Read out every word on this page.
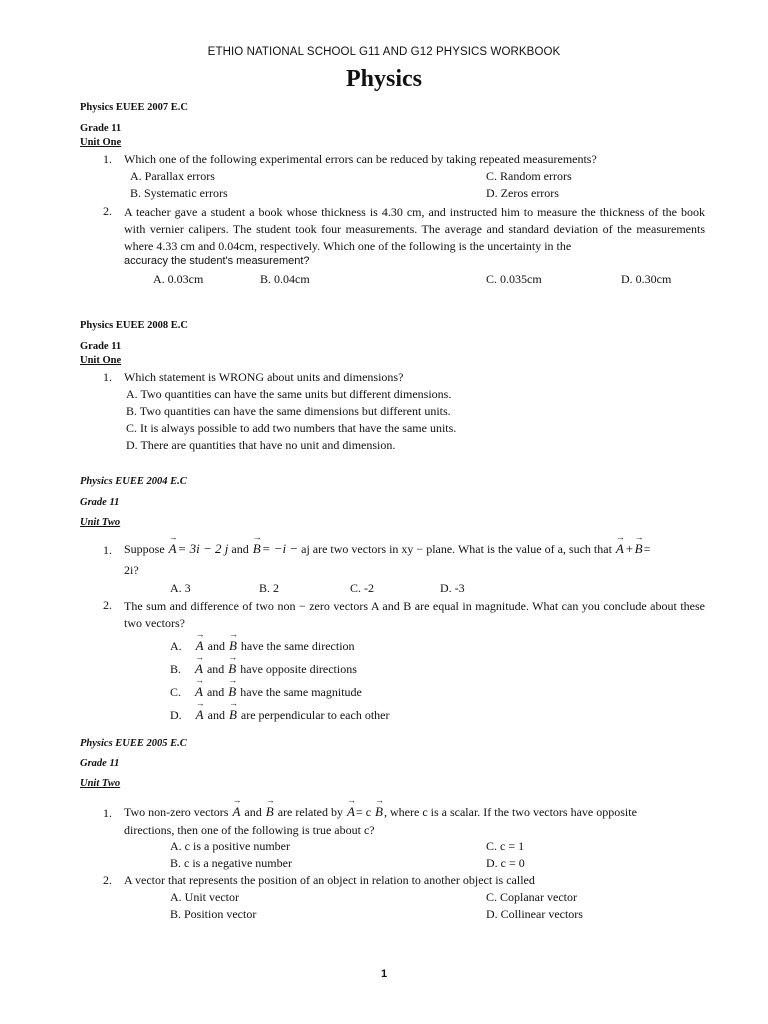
ETHIO NATIONAL SCHOOL G11 AND G12 PHYSICS WORKBOOK
Physics
Physics EUEE 2007 E.C
Grade 11
Unit One
1. Which one of the following experimental errors can be reduced by taking repeated measurements?
A. Parallax errors	C. Random errors
B. Systematic errors	D. Zeros errors
2. A teacher gave a student a book whose thickness is 4.30 cm, and instructed him to measure the thickness of the book with vernier calipers. The student took four measurements. The average and standard deviation of the measurements where 4.33 cm and 0.04cm, respectively. Which one of the following is the uncertainty in the
accuracy the student's measurement?
A. 0.03cm	B. 0.04cm	C. 0.035cm	D. 0.30cm
Physics EUEE 2008 E.C
Grade 11
Unit One
1. Which statement is WRONG about units and dimensions?
A. Two quantities can have the same units but different dimensions.
B. Two quantities can have the same dimensions but different units.
C. It is always possible to add two numbers that have the same units.
D. There are quantities that have no unit and dimension.
Physics EUEE 2004 E.C
Grade 11
Unit Two
1. Suppose → A= 3i − 2 j and → B= −i − aj are two vectors in xy − plane. What is the value of a, such that → A+→ B=
2i?
A. 3	B. 2	C. -2	D. -3
2. The sum and difference of two non − zero vectors A and B are equal in magnitude. What can you conclude about these two vectors?
A. → A and → B have the same direction
B. → A and → B have opposite directions
C. → A and → B have the same magnitude
D. → A and → B are perpendicular to each other
Physics EUEE 2005 E.C
Grade 11
Unit Two
1. Two non-zero vectors → A and → B are related by → A= c → B, where c is a scalar. If the two vectors have opposite
directions, then one of the following is true about c?
A. c is a positive number	C. c = 1
B. c is a negative number	D. c = 0
2. A vector that represents the position of an object in relation to another object is called
A. Unit vector	C. Coplanar vector
B. Position vector	D. Collinear vectors
1
